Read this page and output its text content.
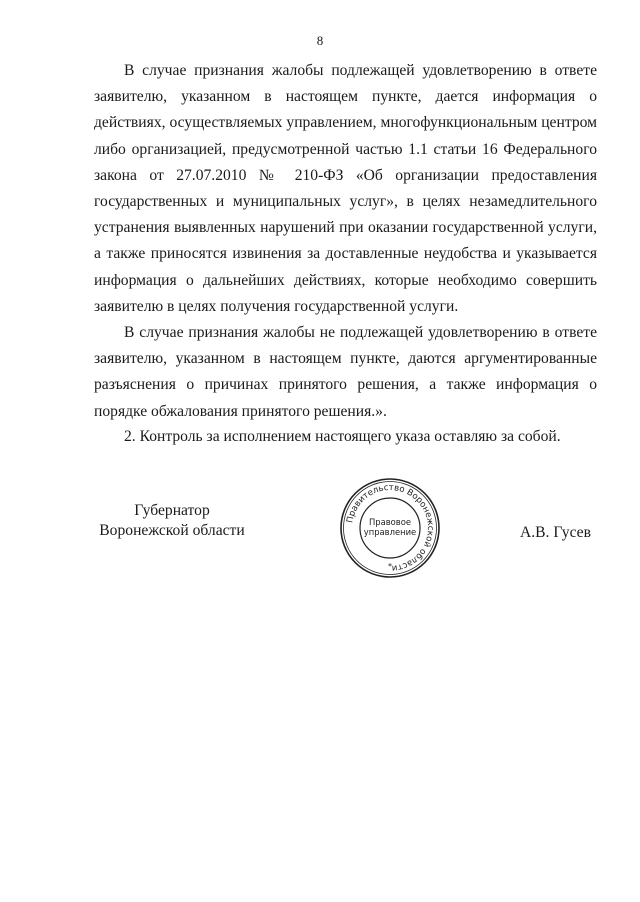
8

В случае признания жалобы подлежащей удовлетворению в ответе заявителю, указанном в настоящем пункте, дается информация о действиях, осуществляемых управлением, многофункциональным центром либо организацией, предусмотренной частью 1.1 статьи 16 Федерального закона от 27.07.2010 № 210-ФЗ «Об организации предоставления государственных и муниципальных услуг», в целях незамедлительного устранения выявленных нарушений при оказании государственной услуги, а также приносятся извинения за доставленные неудобства и указывается информация о дальнейших действиях, которые необходимо совершить заявителю в целях получения государственной услуги.

В случае признания жалобы не подлежащей удовлетворению в ответе заявителю, указанном в настоящем пункте, даются аргументированные разъяснения о причинах принятого решения, а также информация о порядке обжалования принятого решения.».

2. Контроль за исполнением настоящего указа оставляю за собой.

Губернатор
Воронежской области
Правительство Воронежской области
Правовое
управление
*
А.В. Гусев
